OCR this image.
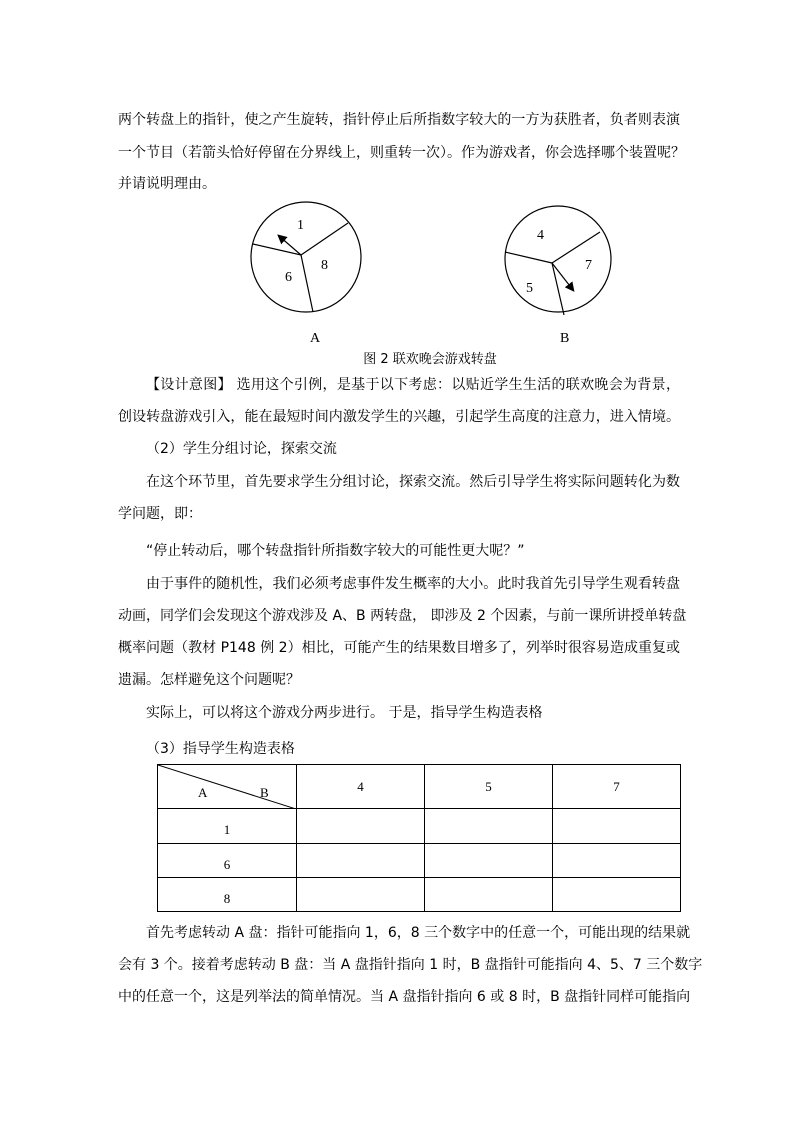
两个转盘上的指针，使之产生旋转，指针停止后所指数字较大的一方为获胜者，负者则表演
一个节目（若箭头恰好停留在分界线上，则重转一次）。作为游戏者，你会选择哪个装置呢？
并请说明理由。
1
8
6
4
7
5
A	B
图 2 联欢晚会游戏转盘
【设计意图】 选用这个引例，是基于以下考虑：以贴近学生生活的联欢晚会为背景，
创设转盘游戏引入，能在最短时间内激发学生的兴趣，引起学生高度的注意力，进入情境。
（2）学生分组讨论，探索交流
在这个环节里，首先要求学生分组讨论，探索交流。然后引导学生将实际问题转化为数
学问题，即：
“停止转动后，哪个转盘指针所指数字较大的可能性更大呢？”
由于事件的随机性，我们必须考虑事件发生概率的大小。此时我首先引导学生观看转盘
动画，同学们会发现这个游戏涉及 A、B 两转盘， 即涉及 2 个因素，与前一课所讲授单转盘
概率问题（教材 P148 例 2）相比，可能产生的结果数目增多了，列举时很容易造成重复或
遗漏。怎样避免这个问题呢？
实际上，可以将这个游戏分两步进行。 于是，指导学生构造表格
（3）指导学生构造表格
A B	4	5	7
1			
6			
8			
首先考虑转动 A 盘：指针可能指向 1，6，8 三个数字中的任意一个，可能出现的结果就
会有 3 个。接着考虑转动 B 盘：当 A 盘指针指向 1 时，B 盘指针可能指向 4、5、7 三个数字
中的任意一个，这是列举法的简单情况。当 A 盘指针指向 6 或 8 时，B 盘指针同样可能指向
